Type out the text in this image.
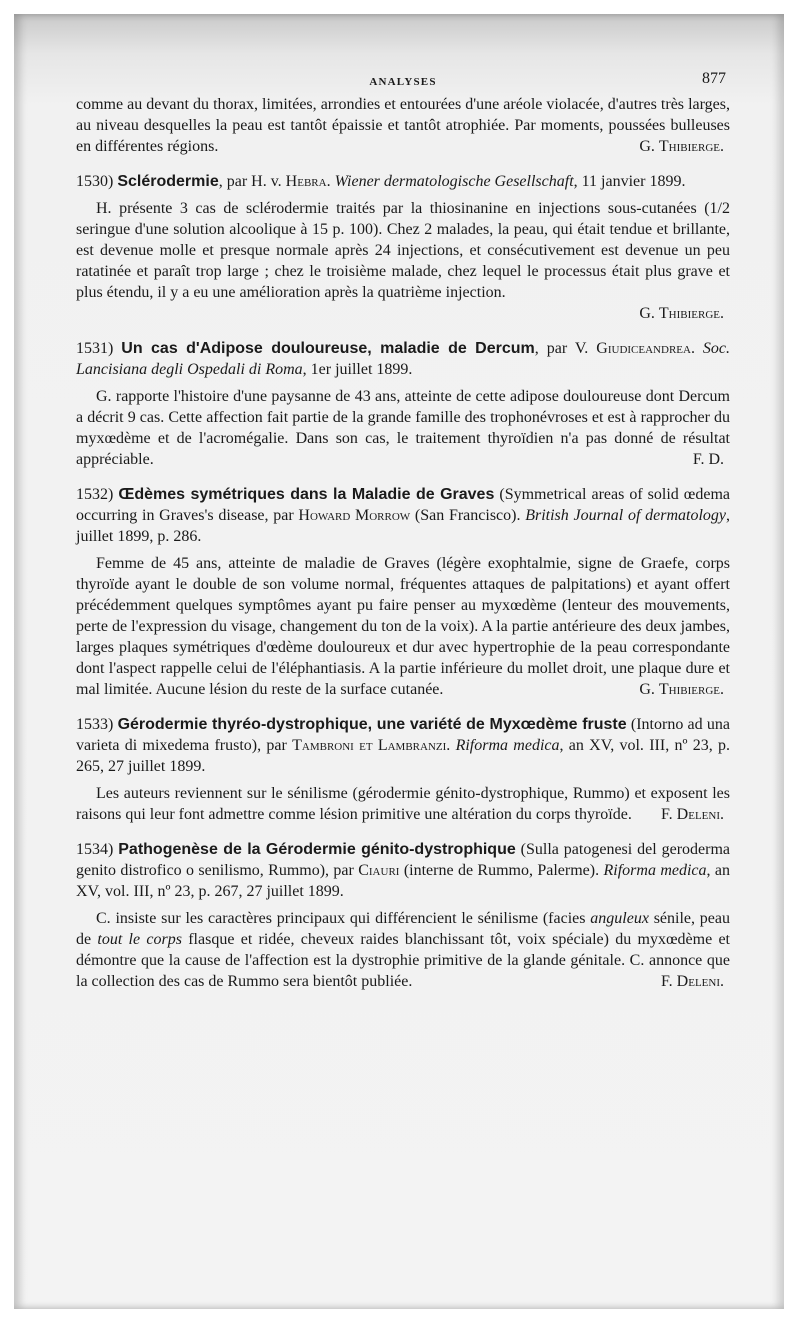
ANALYSES	877

comme au devant du thorax, limitées, arrondies et entourées d'une aréole violacée, d'autres très larges, au niveau desquelles la peau est tantôt épaissie et tantôt atrophiée. Par moments, poussées bulleuses en différentes régions.	G. Thibierge.

1530) Sclérodermie, par H. v. Hebra. Wiener dermatologische Gesellschaft, 11 janvier 1899.

H. présente 3 cas de sclérodermie traités par la thiosinanine en injections sous-cutanées (1/2 seringue d'une solution alcoolique à 15 p. 100). Chez 2 malades, la peau, qui était tendue et brillante, est devenue molle et presque normale après 24 injections, et consécutivement est devenue un peu ratatinée et paraît trop large ; chez le troisième malade, chez lequel le processus était plus grave et plus étendu, il y a eu une amélioration après la quatrième injection.

G. Thibierge.

1531) Un cas d'Adipose douloureuse, maladie de Dercum, par V. Giudiceandrea. Soc. Lancisiana degli Ospedali di Roma, 1er juillet 1899.

G. rapporte l'histoire d'une paysanne de 43 ans, atteinte de cette adipose douloureuse dont Dercum a décrit 9 cas. Cette affection fait partie de la grande famille des trophonévroses et est à rapprocher du myxœdème et de l'acromégalie. Dans son cas, le traitement thyroïdien n'a pas donné de résultat appréciable.	F. D.

1532) Œdèmes symétriques dans la Maladie de Graves (Symmetrical areas of solid œdema occurring in Graves's disease, par Howard Morrow (San Francisco). British Journal of dermatology, juillet 1899, p. 286.

Femme de 45 ans, atteinte de maladie de Graves (légère exophtalmie, signe de Graefe, corps thyroïde ayant le double de son volume normal, fréquentes attaques de palpitations) et ayant offert précédemment quelques symptômes ayant pu faire penser au myxœdème (lenteur des mouvements, perte de l'expression du visage, changement du ton de la voix). A la partie antérieure des deux jambes, larges plaques symétriques d'œdème douloureux et dur avec hypertrophie de la peau correspondante dont l'aspect rappelle celui de l'éléphantiasis. A la partie inférieure du mollet droit, une plaque dure et mal limitée. Aucune lésion du reste de la surface cutanée.	G. Thibierge.

1533) Gérodermie thyréo-dystrophique, une variété de Myxœdème fruste (Intorno ad una varieta di mixedema frusto), par Tambroni et Lambranzi. Riforma medica, an XV, vol. III, nº 23, p. 265, 27 juillet 1899.

Les auteurs reviennent sur le sénilisme (gérodermie génito-dystrophique, Rummo) et exposent les raisons qui leur font admettre comme lésion primitive une altération du corps thyroïde.	F. Deleni.

1534) Pathogenèse de la Gérodermie génito-dystrophique (Sulla patogenesi del geroderma genito distrofico o senilismo, Rummo), par Ciauri (interne de Rummo, Palerme). Riforma medica, an XV, vol. III, nº 23, p. 267, 27 juillet 1899.

C. insiste sur les caractères principaux qui différencient le sénilisme (facies anguleux sénile, peau de tout le corps flasque et ridée, cheveux raides blanchissant tôt, voix spéciale) du myxœdème et démontre que la cause de l'affection est la dystrophie primitive de la glande génitale. C. annonce que la collection des cas de Rummo sera bientôt publiée.	F. Deleni.
